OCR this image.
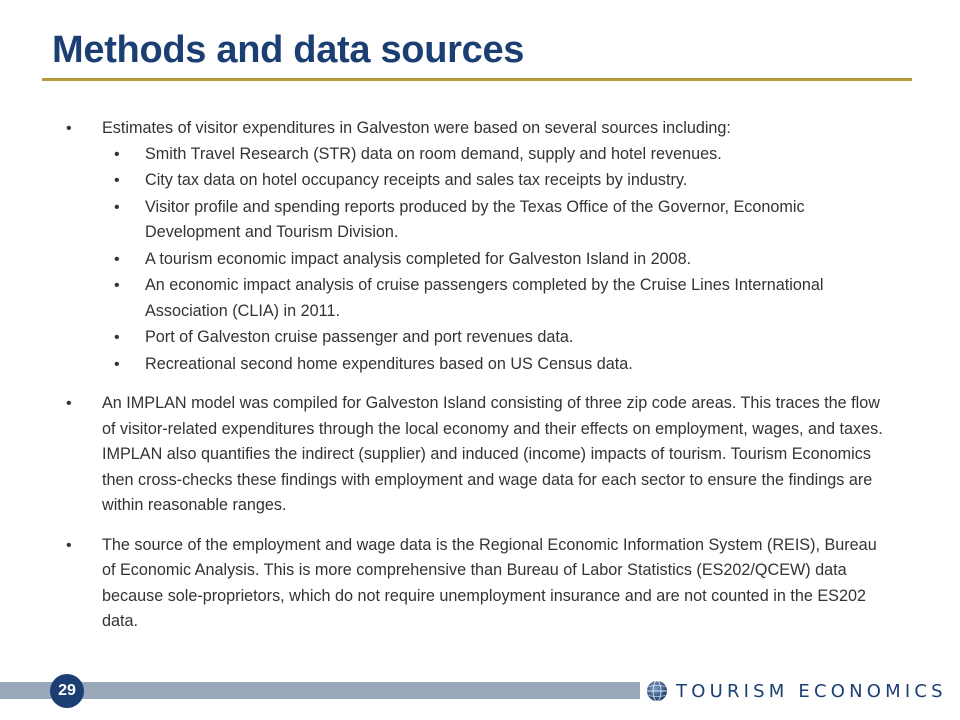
Methods and data sources
• Estimates of visitor expenditures in Galveston were based on several sources including:
• Smith Travel Research (STR) data on room demand, supply and hotel revenues.
• City tax data on hotel occupancy receipts and sales tax receipts by industry.
• Visitor profile and spending reports produced by the Texas Office of the Governor, Economic Development and Tourism Division.
• A tourism economic impact analysis completed for Galveston Island in 2008.
• An economic impact analysis of cruise passengers completed by the Cruise Lines International Association (CLIA) in 2011.
• Port of Galveston cruise passenger and port revenues data.
• Recreational second home expenditures based on US Census data.
• An IMPLAN model was compiled for Galveston Island consisting of three zip code areas. This traces the flow of visitor-related expenditures through the local economy and their effects on employment, wages, and taxes. IMPLAN also quantifies the indirect (supplier) and induced (income) impacts of tourism. Tourism Economics then cross-checks these findings with employment and wage data for each sector to ensure the findings are within reasonable ranges.
• The source of the employment and wage data is the Regional Economic Information System (REIS), Bureau of Economic Analysis. This is more comprehensive than Bureau of Labor Statistics (ES202/QCEW) data because sole-proprietors, which do not require unemployment insurance and are not counted in the ES202 data.
29	TOURISM ECONOMICS
